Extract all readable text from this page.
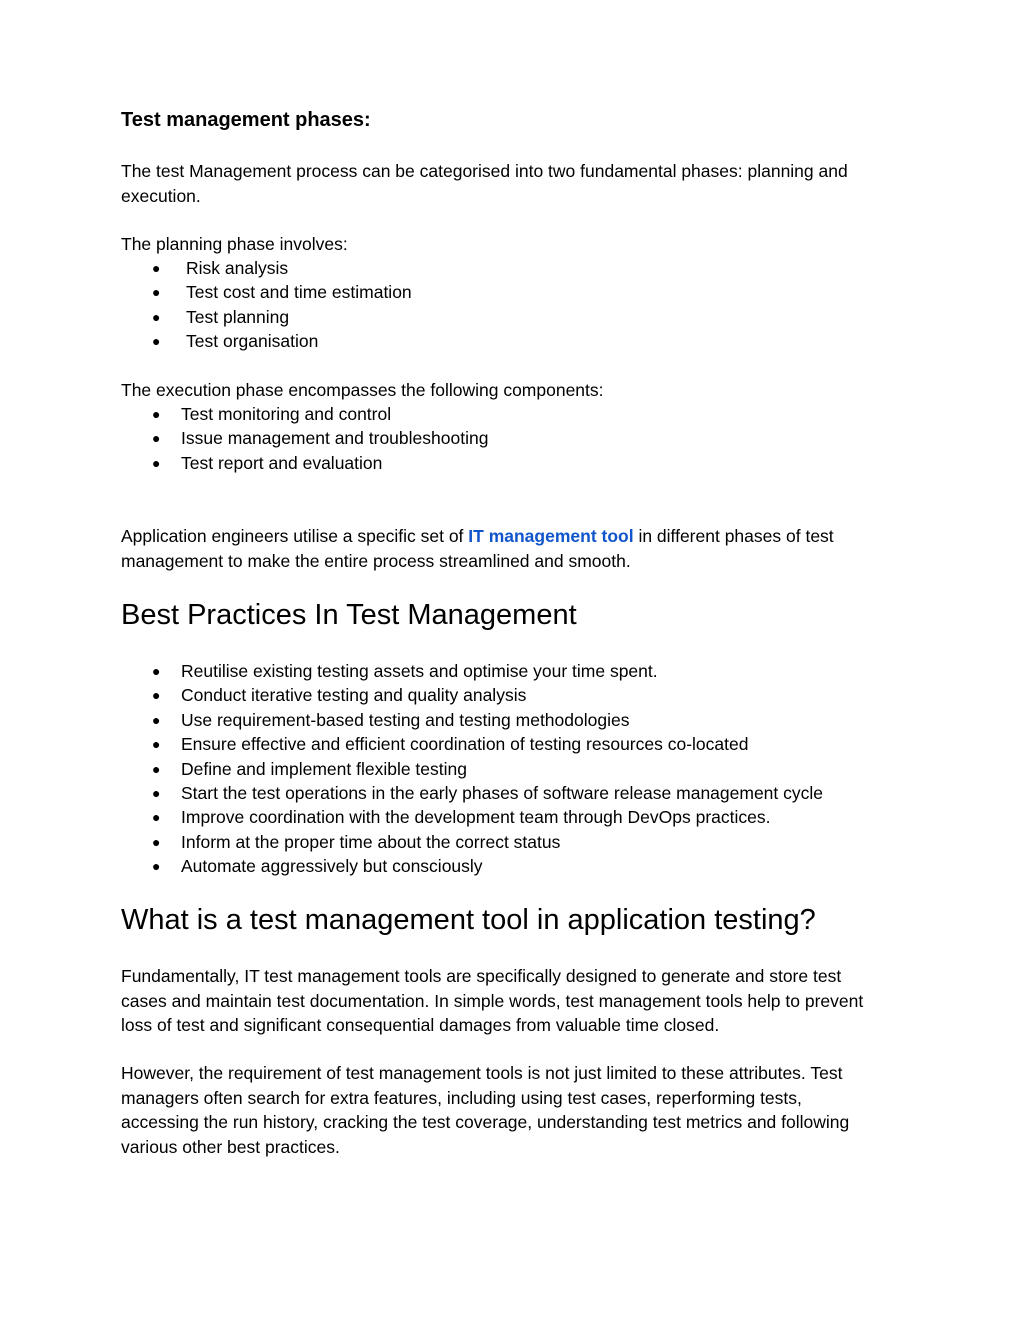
Test management phases:

The test Management process can be categorised into two fundamental phases: planning and
execution.

The planning phase involves:

● Risk analysis
● Test cost and time estimation
● Test planning
● Test organisation

The execution phase encompasses the following components:

● Test monitoring and control
● Issue management and troubleshooting
● Test report and evaluation

Application engineers utilise a specific set of IT management tool in different phases of test
management to make the entire process streamlined and smooth.

Best Practices In Test Management
● Reutilise existing testing assets and optimise your time spent.
● Conduct iterative testing and quality analysis
● Use requirement-based testing and testing methodologies
● Ensure effective and efficient coordination of testing resources co-located
● Define and implement flexible testing
● Start the test operations in the early phases of software release management cycle
● Improve coordination with the development team through DevOps practices.
● Inform at the proper time about the correct status
● Automate aggressively but consciously
What is a test management tool in application testing?

Fundamentally, IT test management tools are specifically designed to generate and store test
cases and maintain test documentation. In simple words, test management tools help to prevent
loss of test and significant consequential damages from valuable time closed.

However, the requirement of test management tools is not just limited to these attributes. Test
managers often search for extra features, including using test cases, reperforming tests,
accessing the run history, cracking the test coverage, understanding test metrics and following
various other best practices.
